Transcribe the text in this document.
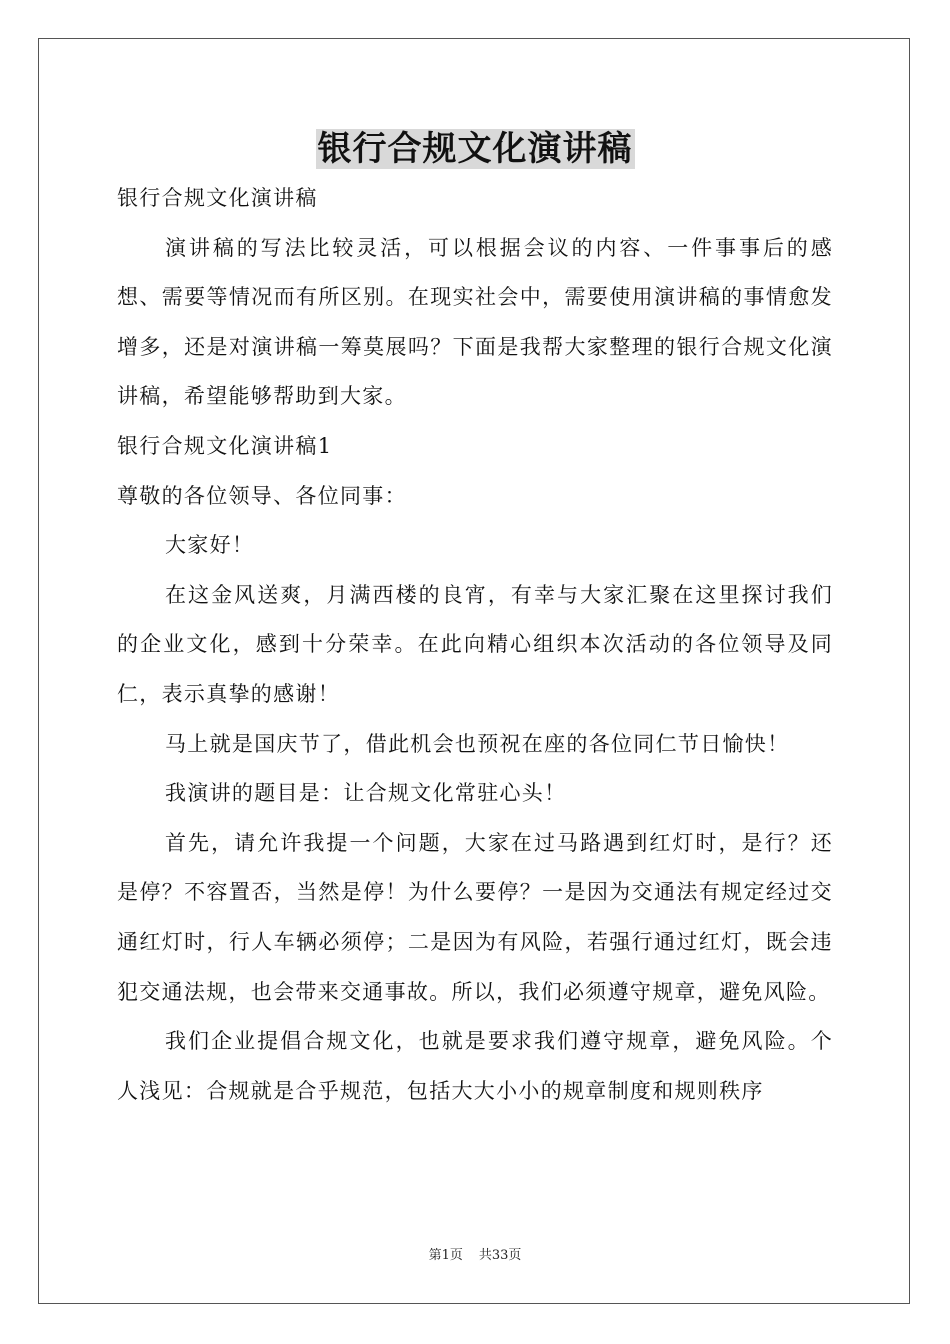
银行合规文化演讲稿

银行合规文化演讲稿

演讲稿的写法比较灵活，可以根据会议的内容、一件事事后的感想、需要等情况而有所区别。在现实社会中，需要使用演讲稿的事情愈发增多，还是对演讲稿一筹莫展吗？下面是我帮大家整理的银行合规文化演讲稿，希望能够帮助到大家。

银行合规文化演讲稿1

尊敬的各位领导、各位同事：

大家好！

在这金风送爽，月满西楼的良宵，有幸与大家汇聚在这里探讨我们的企业文化，感到十分荣幸。在此向精心组织本次活动的各位领导及同仁，表示真挚的感谢！

马上就是国庆节了，借此机会也预祝在座的各位同仁节日愉快！

我演讲的题目是：让合规文化常驻心头！

首先，请允许我提一个问题，大家在过马路遇到红灯时，是行？还是停？不容置否，当然是停！为什么要停？一是因为交通法有规定经过交通红灯时，行人车辆必须停；二是因为有风险，若强行通过红灯，既会违犯交通法规，也会带来交通事故。所以，我们必须遵守规章，避免风险。

我们企业提倡合规文化，也就是要求我们遵守规章，避免风险。个人浅见：合规就是合乎规范，包括大大小小的规章制度和规则秩序

第1页 共33页
